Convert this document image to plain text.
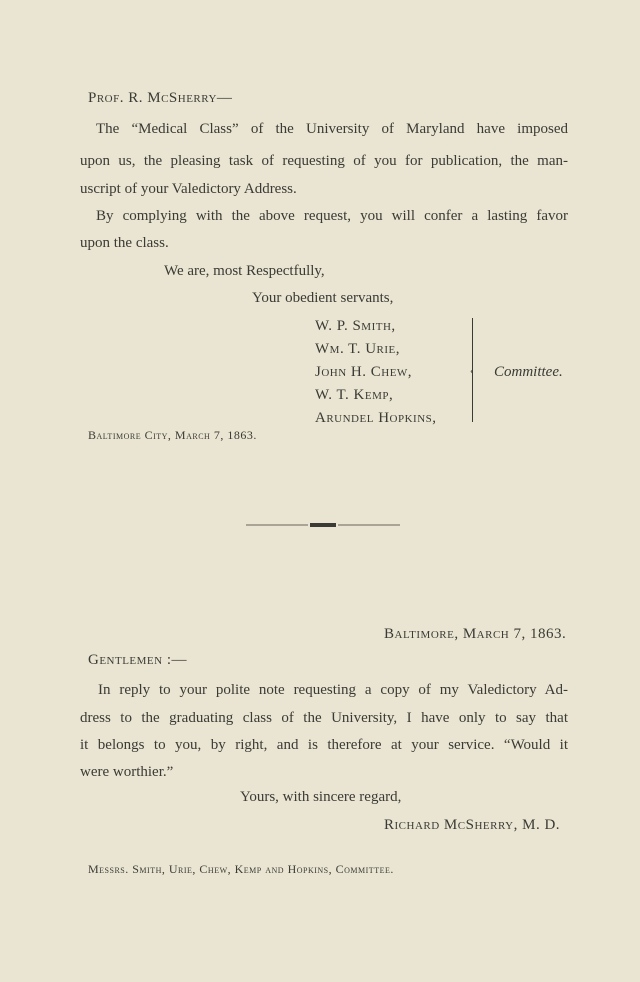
Prof. R. McSherry—
The “Medical Class” of the University of Maryland have imposed
upon us, the pleasing task of requesting of you for publication, the man-
uscript of your Valedictory Address.
By complying with the above request, you will confer a lasting favor
upon the class.
We are, most Respectfully,
Your obedient servants,
W. P. Smith,
Wm. T. Urie,
John H. Chew,
W. T. Kemp,
Arundel Hopkins,
‹ Committee.
Baltimore City, March 7, 1863.
Baltimore, March 7, 1863.
Gentlemen :—
In reply to your polite note requesting a copy of my Valedictory Ad-
dress to the graduating class of the University, I have only to say that
it belongs to you, by right, and is therefore at your service. “Would it
were worthier.”
Yours, with sincere regard,
Richard McSherry, M. D.
Messrs. Smith, Urie, Chew, Kemp and Hopkins, Committee.
